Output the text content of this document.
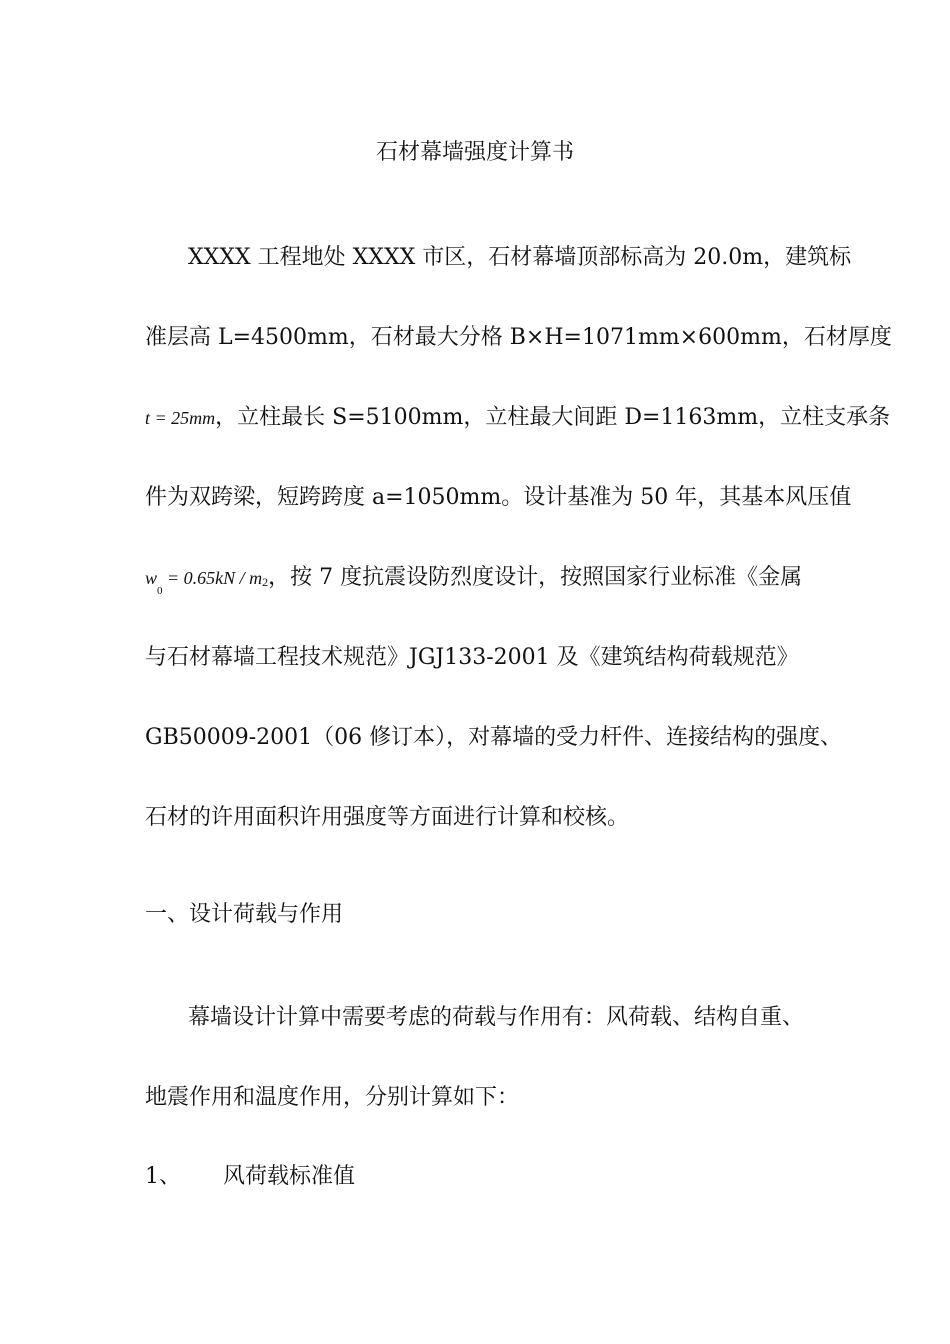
石材幕墙强度计算书
XXXX 工程地处 XXXX 市区，石材幕墙顶部标高为 20.0m，建筑标
准层高 L=4500mm，石材最大分格 B×H=1071mm×600mm，石材厚度
t = 25mm，立柱最长 S=5100mm，立柱最大间距 D=1163mm，立柱支承条
件为双跨梁，短跨跨度 a=1050mm。设计基准为 50 年，其基本风压值
$w_0 = 0.65kN / m2$，按 7 度抗震设防烈度设计，按照国家行业标准《金属
与石材幕墙工程技术规范》JGJ133-2001 及《建筑结构荷载规范》
GB50009-2001（06 修订本），对幕墙的受力杆件、连接结构的强度、
石材的许用面积许用强度等方面进行计算和校核。
一、设计荷载与作用
幕墙设计计算中需要考虑的荷载与作用有：风荷载、结构自重、
地震作用和温度作用，分别计算如下：
1、 风荷载标准值
